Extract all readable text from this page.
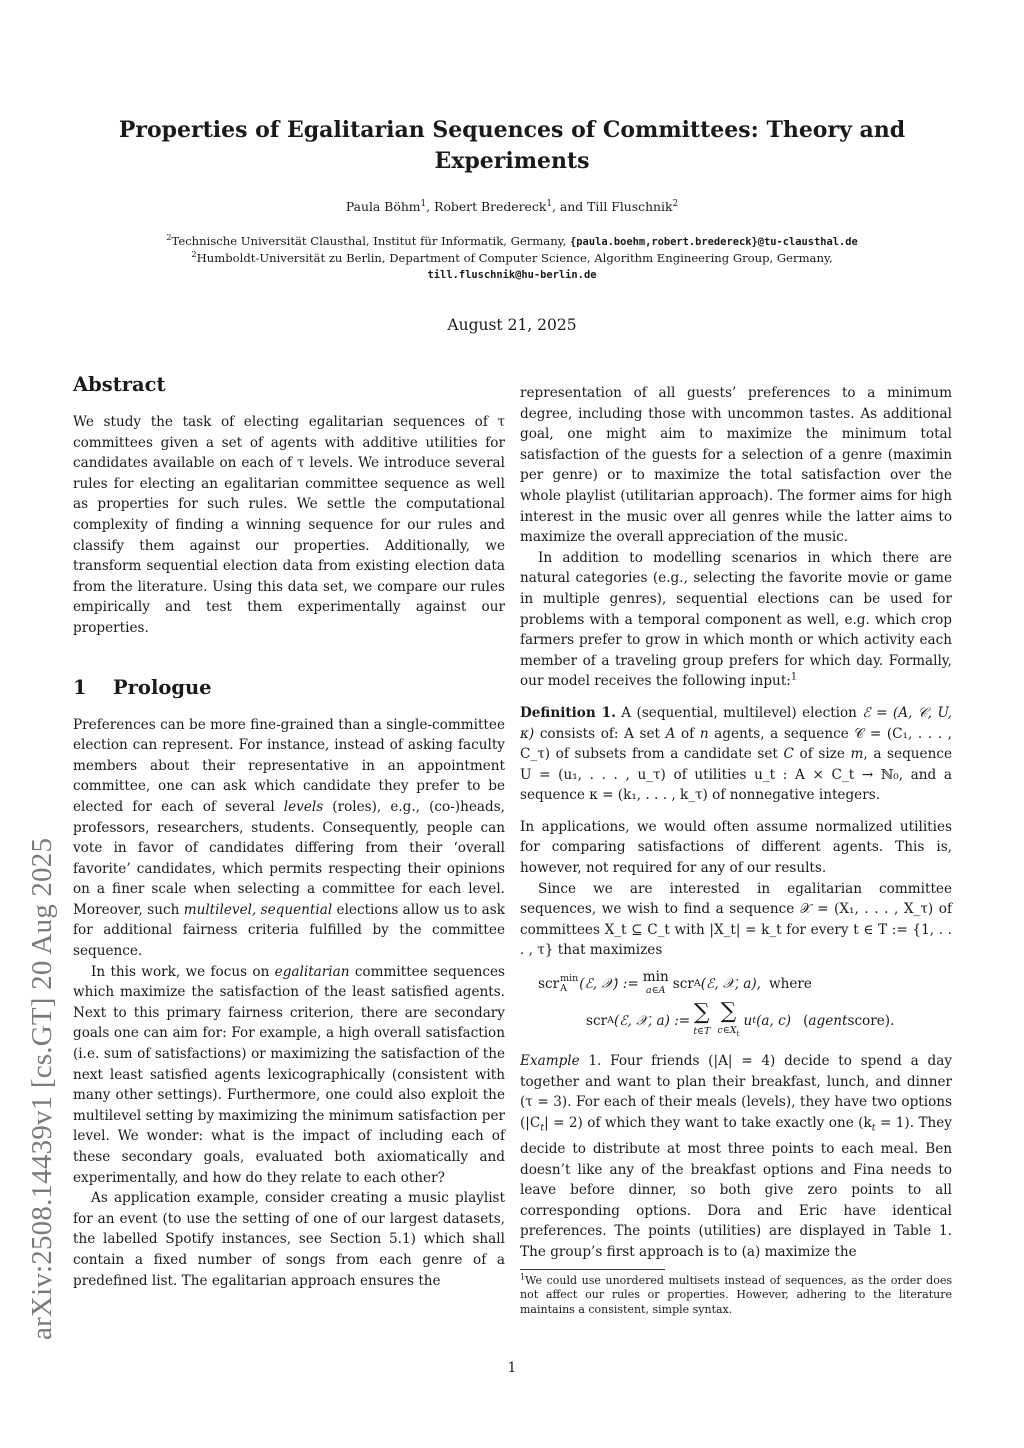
arXiv:2508.14439v1 [cs.GT] 20 Aug 2025
Properties of Egalitarian Sequences of Committees: Theory and Experiments
Paula Böhm$^1$, Robert Bredereck$^1$, and Till Fluschnik$^2$
$^2$Technische Universität Clausthal, Institut für Informatik, Germany, {paula.boehm,robert.bredereck}@tu-clausthal.de
$^2$Humboldt-Universität zu Berlin, Department of Computer Science, Algorithm Engineering Group, Germany,
till.fluschnik@hu-berlin.de
August 21, 2025
Abstract

We study the task of electing egalitarian sequences of τ committees given a set of agents with additive utilities for candidates available on each of τ levels. We introduce several rules for electing an egalitarian committee sequence as well as properties for such rules. We settle the computational complexity of finding a winning sequence for our rules and classify them against our properties. Additionally, we transform sequential election data from existing election data from the literature. Using this data set, we compare our rules empirically and test them experimentally against our properties.

1 Prologue

Preferences can be more fine-grained than a single-committee election can represent. For instance, instead of asking faculty members about their representative in an appointment committee, one can ask which candidate they prefer to be elected for each of several levels (roles), e.g., (co-)heads, professors, researchers, students. Consequently, people can vote in favor of candidates differing from their ‘overall favorite’ candidates, which permits respecting their opinions on a finer scale when selecting a committee for each level. Moreover, such multilevel, sequential elections allow us to ask for additional fairness criteria fulfilled by the committee sequence.

In this work, we focus on egalitarian committee sequences which maximize the satisfaction of the least satisfied agents. Next to this primary fairness criterion, there are secondary goals one can aim for: For example, a high overall satisfaction (i.e. sum of satisfactions) or maximizing the satisfaction of the next least satisfied agents lexicographically (consistent with many other settings). Furthermore, one could also exploit the multilevel setting by maximizing the minimum satisfaction per level. We wonder: what is the impact of including each of these secondary goals, evaluated both axiomatically and experimentally, and how do they relate to each other?

As application example, consider creating a music playlist for an event (to use the setting of one of our largest datasets, the labelled Spotify instances, see Section 5.1) which shall contain a fixed number of songs from each genre of a predefined list. The egalitarian approach ensures the

representation of all guests’ preferences to a minimum degree, including those with uncommon tastes. As additional goal, one might aim to maximize the minimum total satisfaction of the guests for a selection of a genre (maximin per genre) or to maximize the total satisfaction over the whole playlist (utilitarian approach). The former aims for high interest in the music over all genres while the latter aims to maximize the overall appreciation of the music.

In addition to modelling scenarios in which there are natural categories (e.g., selecting the favorite movie or game in multiple genres), sequential elections can be used for problems with a temporal component as well, e.g. which crop farmers prefer to grow in which month or which activity each member of a traveling group prefers for which day. Formally, our model receives the following input:$^1$

Definition 1. A (sequential, multilevel) election ℰ = (A, 𝒞, U, κ) consists of: A set A of n agents, a sequence 𝒞 = (C₁, . . . , C_τ) of subsets from a candidate set C of size m, a sequence U = (u₁, . . . , u_τ) of utilities u_t : A × C_t → ℕ₀, and a sequence κ = (k₁, . . . , k_τ) of nonnegative integers.

In applications, we would often assume normalized utilities for comparing satisfactions of different agents. This is, however, not required for any of our results.

Since we are interested in egalitarian committee sequences, we wish to find a sequence 𝒳 = (X₁, . . . , X_τ) of committees X_t ⊆ C_t with |X_t| = k_t for every t ∈ T := {1, . . . , τ} that maximizes

scr min
A (ℰ, 𝒳) := min
a∈A scr A (ℰ, 𝒳, a), where
scr A (ℰ, 𝒳, a) := ∑
t∈T
∑
$c\in X_t$
u t (a, c) ( agent score).

Example 1. Four friends (|A| = 4) decide to spend a day together and want to plan their breakfast, lunch, and dinner (τ = 3). For each of their meals (levels), they have two options $(|C_t| = 2)$ of which they want to take exactly one $(k_t = 1)$. They decide to distribute at most three points to each meal. Ben doesn’t like any of the breakfast options and Fina needs to leave before dinner, so both give zero points to all corresponding options. Dora and Eric have identical preferences. The points (utilities) are displayed in Table 1. The group’s first approach is to (a) maximize the

$^1$We could use unordered multisets instead of sequences, as the order does not affect our rules or properties. However, adhering to the literature maintains a consistent, simple syntax.

1
